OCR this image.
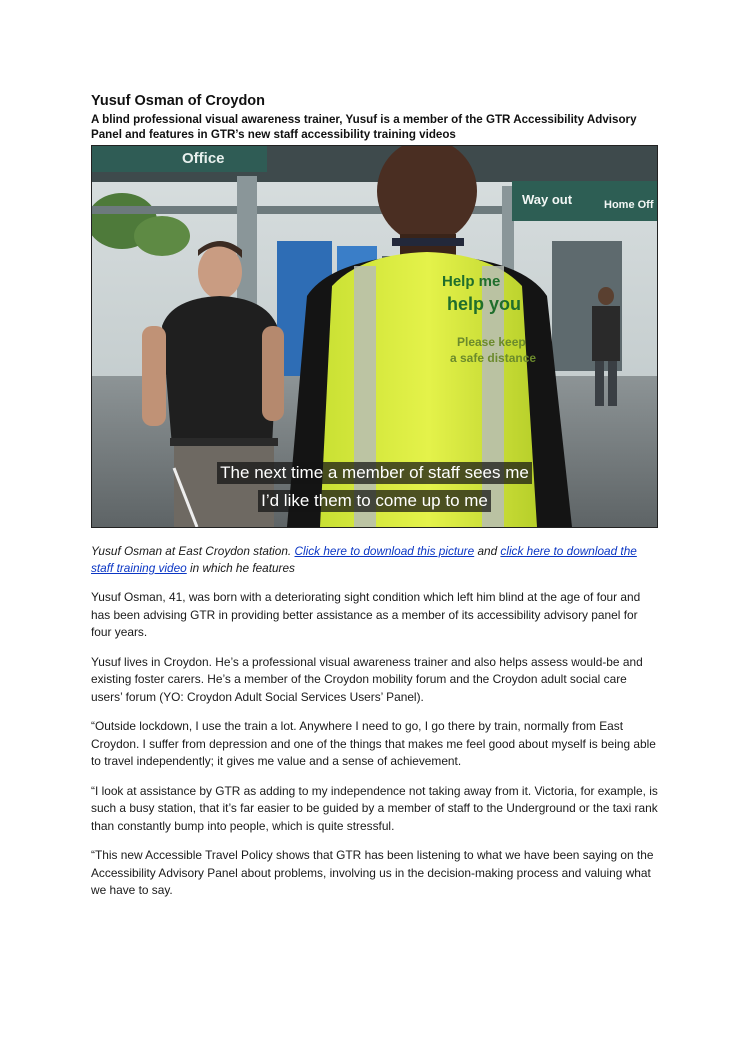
Yusuf Osman of Croydon
A blind professional visual awareness trainer, Yusuf is a member of the GTR Accessibility Advisory Panel and features in GTR’s new staff accessibility training videos
Office
Way out	Home Off
Help me
help you
Please keep
a safe distance
The next time a member of staff sees me
I’d like them to come up to me

Yusuf Osman at East Croydon station. Click here to download this picture and click here to download the staff training video in which he features

Yusuf Osman, 41, was born with a deteriorating sight condition which left him blind at the age of four and has been advising GTR in providing better assistance as a member of its accessibility advisory panel for four years.

Yusuf lives in Croydon. He’s a professional visual awareness trainer and also helps assess would-be and existing foster carers. He’s a member of the Croydon mobility forum and the Croydon adult social care users’ forum (YO: Croydon Adult Social Services Users’ Panel).

“Outside lockdown, I use the train a lot. Anywhere I need to go, I go there by train, normally from East Croydon. I suffer from depression and one of the things that makes me feel good about myself is being able to travel independently; it gives me value and a sense of achievement.

“I look at assistance by GTR as adding to my independence not taking away from it. Victoria, for example, is such a busy station, that it’s far easier to be guided by a member of staff to the Underground or the taxi rank than constantly bump into people, which is quite stressful.

“This new Accessible Travel Policy shows that GTR has been listening to what we have been saying on the Accessibility Advisory Panel about problems, involving us in the decision-making process and valuing what we have to say.
